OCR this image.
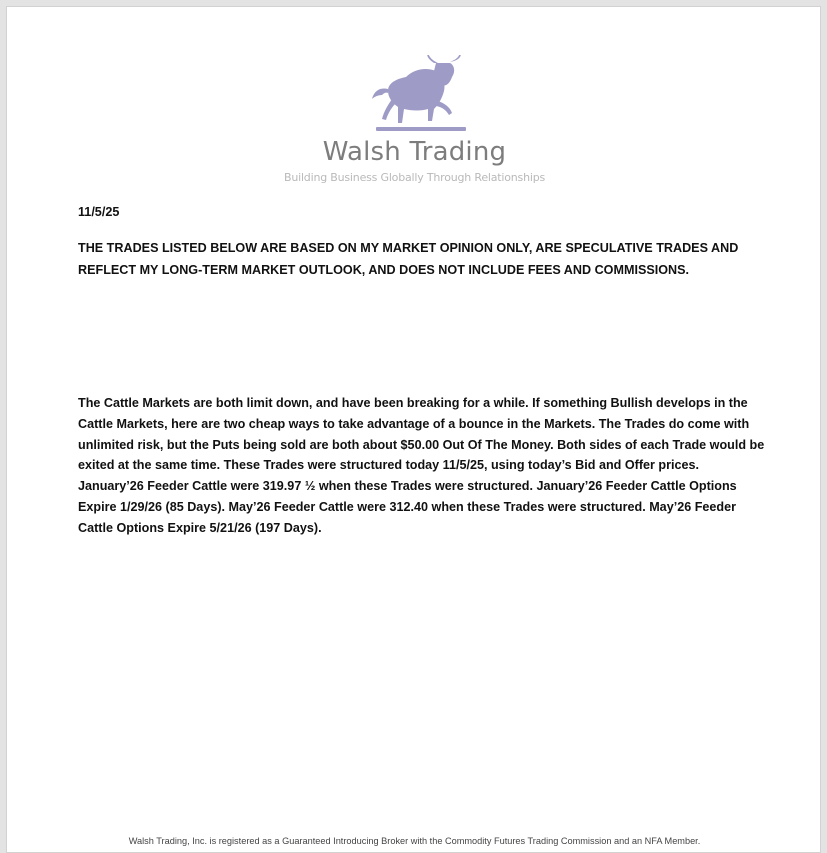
Walsh Trading
Building Business Globally Through Relationships
11/5/25
THE TRADES LISTED BELOW ARE BASED ON MY MARKET OPINION ONLY, ARE SPECULATIVE TRADES AND REFLECT MY LONG-TERM MARKET OUTLOOK, AND DOES NOT INCLUDE FEES AND COMMISSIONS.
The Cattle Markets are both limit down, and have been breaking for a while. If something Bullish develops in the Cattle Markets, here are two cheap ways to take advantage of a bounce in the Markets. The Trades do come with unlimited risk, but the Puts being sold are both about $50.00 Out Of The Money. Both sides of each Trade would be exited at the same time. These Trades were structured today 11/5/25, using today’s Bid and Offer prices. January’26 Feeder Cattle were 319.97 ½ when these Trades were structured. January’26 Feeder Cattle Options Expire 1/29/26 (85 Days). May’26 Feeder Cattle were 312.40 when these Trades were structured. May’26 Feeder Cattle Options Expire 5/21/26 (197 Days).
Walsh Trading, Inc. is registered as a Guaranteed Introducing Broker with the Commodity Futures Trading Commission and an NFA Member.
